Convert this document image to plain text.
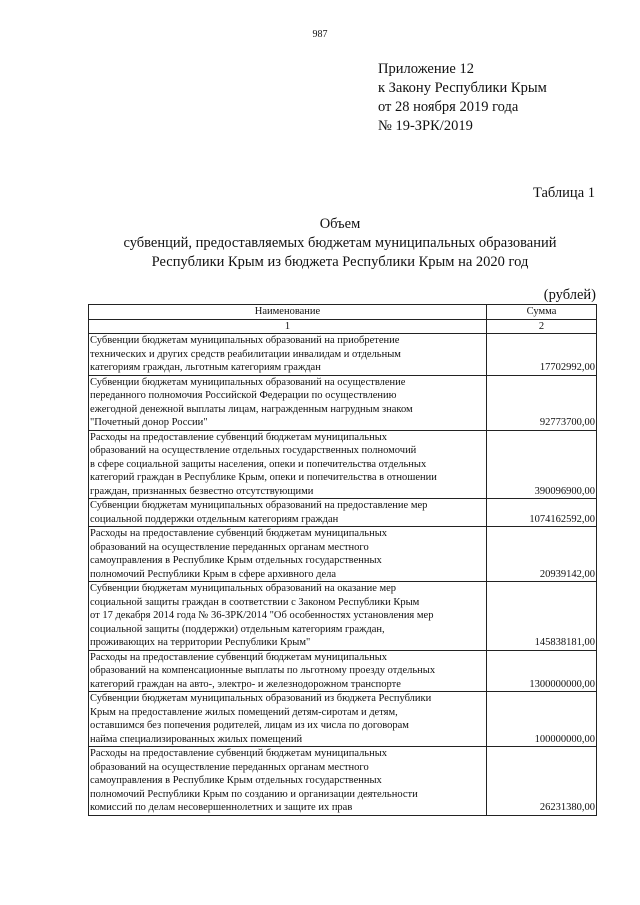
987
Приложение 12
к Закону Республики Крым
от 28 ноября 2019 года
№ 19-ЗРК/2019
Таблица 1
Объем
субвенций, предоставляемых бюджетам муниципальных образований
Республики Крым из бюджета Республики Крым на 2020 год
(рублей)
Наименование	Сумма
1	2

Субвенции бюджетам муниципальных образований на приобретение
технических и других средств реабилитации инвалидам и отдельным
категориям граждан, льготным категориям граждан	17702992,00

Субвенции бюджетам муниципальных образований на осуществление
переданного полномочия Российской Федерации по осуществлению
ежегодной денежной выплаты лицам, награжденным нагрудным знаком
"Почетный донор России"	92773700,00

Расходы на предоставление субвенций бюджетам муниципальных
образований на осуществление отдельных государственных полномочий
в сфере социальной защиты населения, опеки и попечительства отдельных
категорий граждан в Республике Крым, опеки и попечительства в отношении
граждан, признанных безвестно отсутствующими	390096900,00

Субвенции бюджетам муниципальных образований на предоставление мер
социальной поддержки отдельным категориям граждан	1074162592,00

Расходы на предоставление субвенций бюджетам муниципальных
образований на осуществление переданных органам местного
самоуправления в Республике Крым отдельных государственных
полномочий Республики Крым в сфере архивного дела	20939142,00

Субвенции бюджетам муниципальных образований на оказание мер
социальной защиты граждан в соответствии с Законом Республики Крым
от 17 декабря 2014 года № 36-ЗРК/2014 "Об особенностях установления мер
социальной защиты (поддержки) отдельным категориям граждан,
проживающих на территории Республики Крым"	145838181,00

Расходы на предоставление субвенций бюджетам муниципальных
образований на компенсационные выплаты по льготному проезду отдельных
категорий граждан на авто-, электро- и железнодорожном транспорте	1300000000,00

Субвенции бюджетам муниципальных образований из бюджета Республики
Крым на предоставление жилых помещений детям-сиротам и детям,
оставшимся без попечения родителей, лицам из их числа по договорам
найма специализированных жилых помещений	100000000,00

Расходы на предоставление субвенций бюджетам муниципальных
образований на осуществление переданных органам местного
самоуправления в Республике Крым отдельных государственных
полномочий Республики Крым по созданию и организации деятельности
комиссий по делам несовершеннолетних и защите их прав	26231380,00
